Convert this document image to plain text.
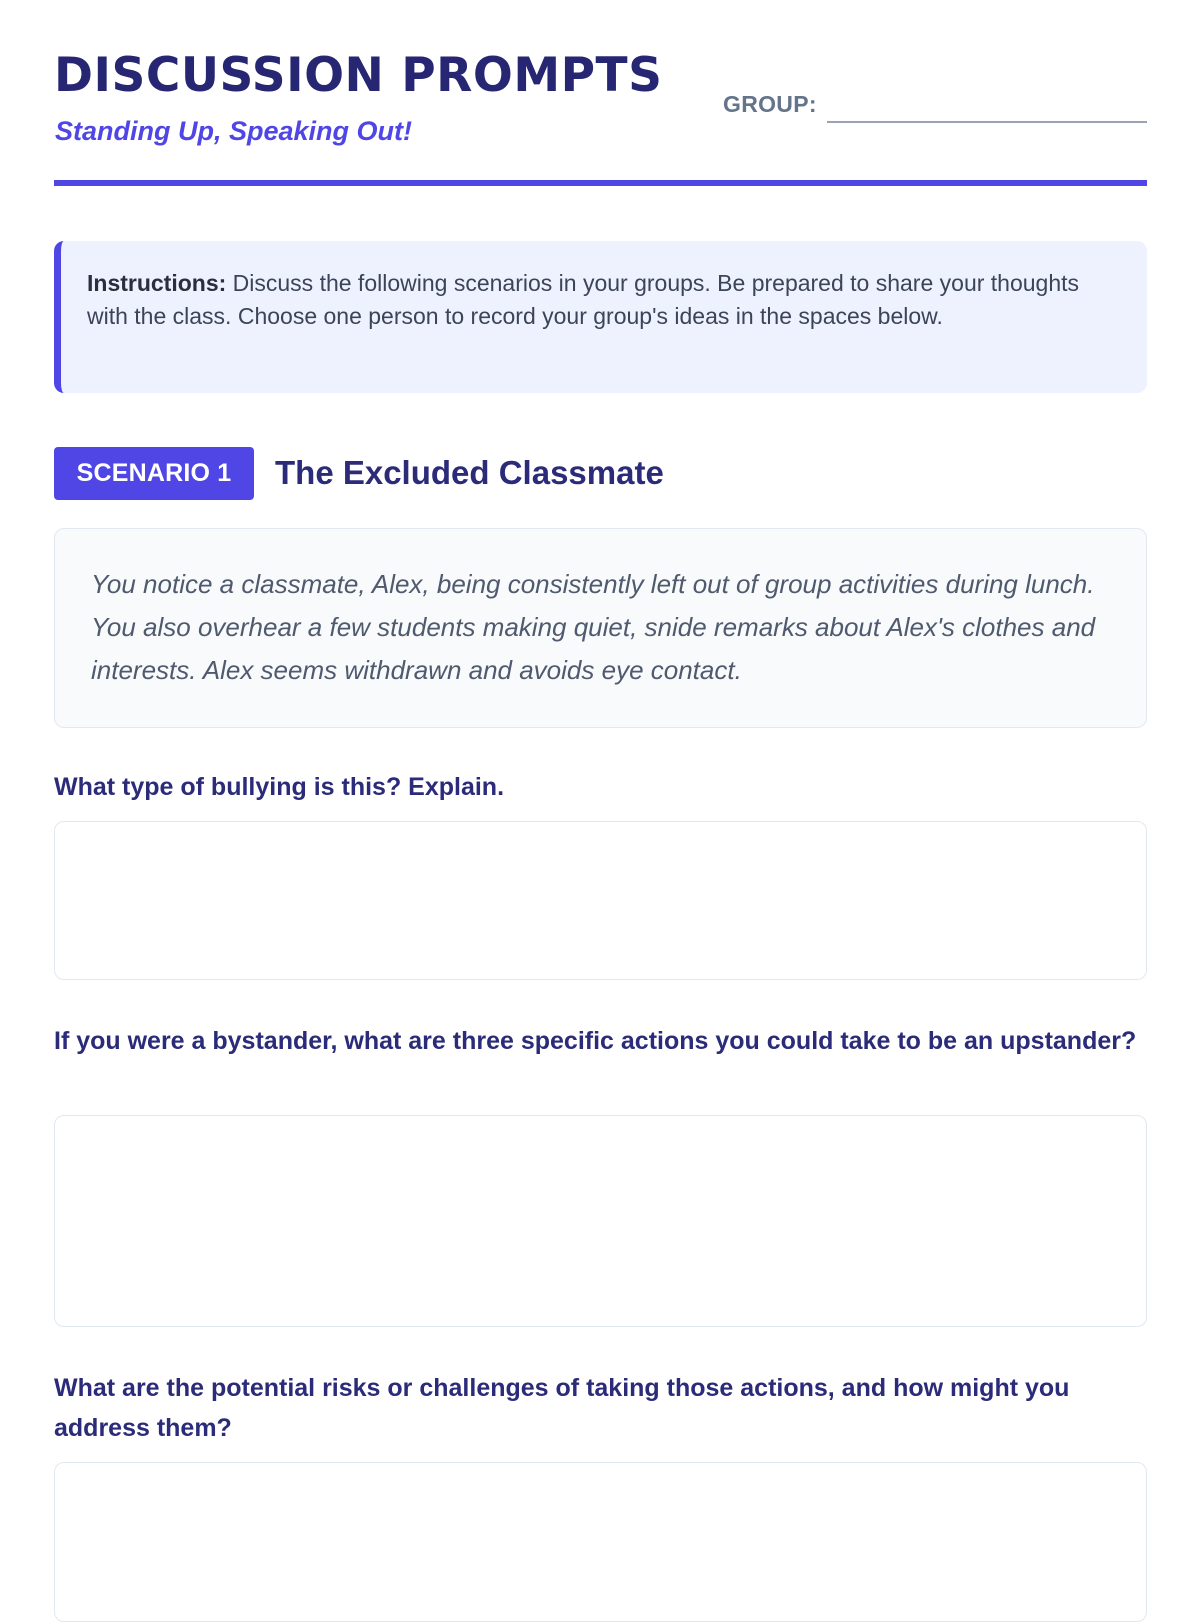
DISCUSSION PROMPTS

Standing Up, Speaking Out!

GROUP:
Instructions: Discuss the following scenarios in your groups. Be prepared to share your thoughts with the class. Choose one person to record your group's ideas in the spaces below.
SCENARIO 1	The Excluded Classmate
You notice a classmate, Alex, being consistently left out of group activities during lunch. You also overhear a few students making quiet, snide remarks about Alex's clothes and interests. Alex seems withdrawn and avoids eye contact.

What type of bullying is this? Explain.

If you were a bystander, what are three specific actions you could take to be an upstander?

What are the potential risks or challenges of taking those actions, and how might you address them?
